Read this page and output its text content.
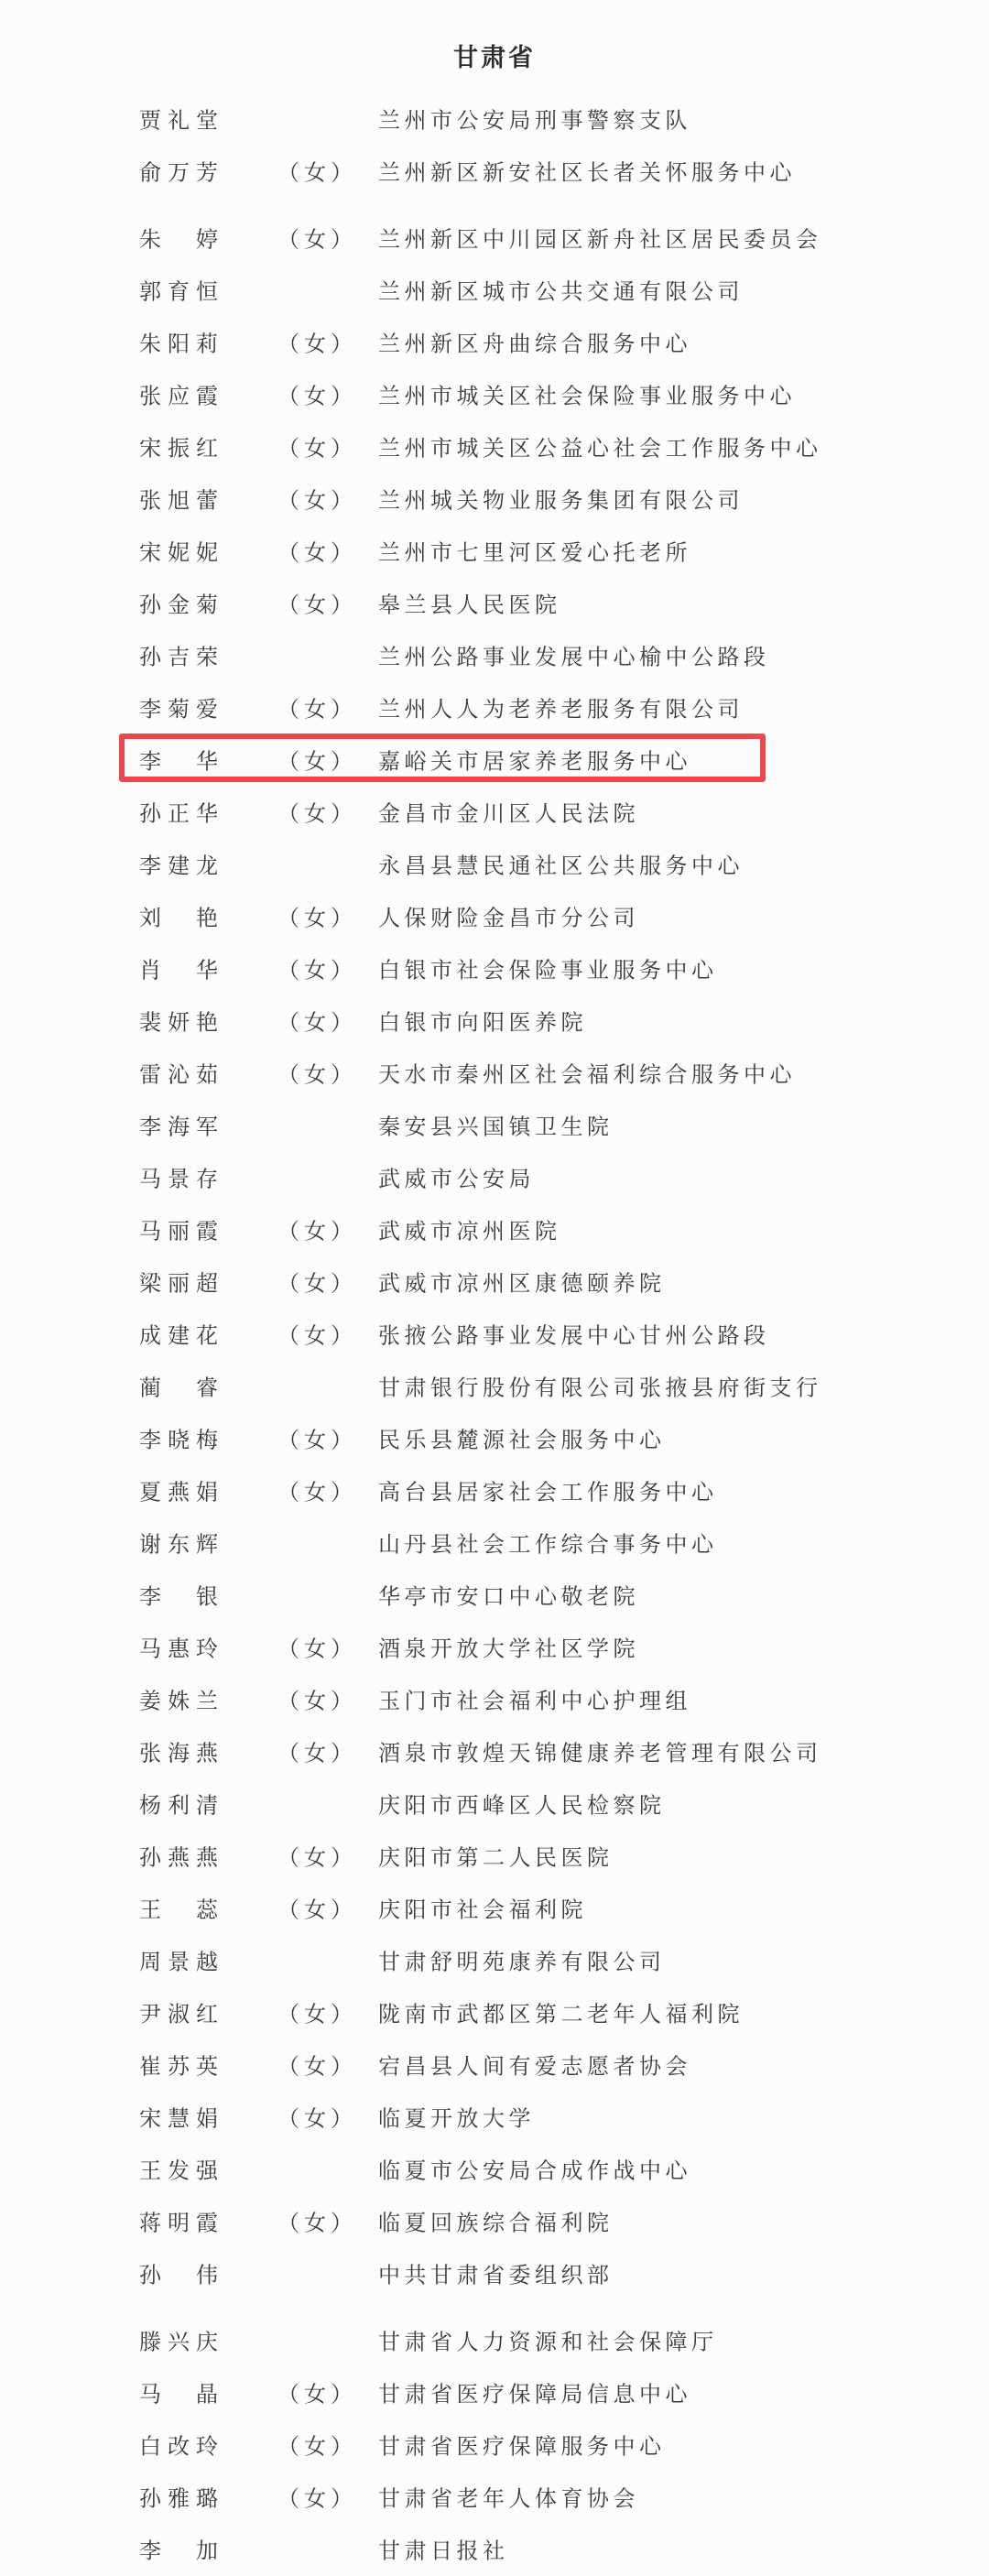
甘肃省
贾礼堂	兰州市公安局刑事警察支队
俞万芳 （女） 兰州新区新安社区长者关怀服务中心
朱　婷 （女） 兰州新区中川园区新舟社区居民委员会
郭育恒	兰州新区城市公共交通有限公司
朱阳莉 （女） 兰州新区舟曲综合服务中心
张应霞 （女） 兰州市城关区社会保险事业服务中心
宋振红 （女） 兰州市城关区公益心社会工作服务中心
张旭蕾 （女） 兰州城关物业服务集团有限公司
宋妮妮 （女） 兰州市七里河区爱心托老所
孙金菊 （女） 皋兰县人民医院
孙吉荣	兰州公路事业发展中心榆中公路段
李菊爱 （女） 兰州人人为老养老服务有限公司
李　华 （女） 嘉峪关市居家养老服务中心
孙正华 （女） 金昌市金川区人民法院
李建龙	永昌县慧民通社区公共服务中心
刘　艳 （女） 人保财险金昌市分公司
肖　华 （女） 白银市社会保险事业服务中心
裴妍艳 （女） 白银市向阳医养院
雷沁茹 （女） 天水市秦州区社会福利综合服务中心
李海军	秦安县兴国镇卫生院
马景存	武威市公安局
马丽霞 （女） 武威市凉州医院
梁丽超 （女） 武威市凉州区康德颐养院
成建花 （女） 张掖公路事业发展中心甘州公路段
蔺　睿	甘肃银行股份有限公司张掖县府街支行
李晓梅 （女） 民乐县麓源社会服务中心
夏燕娟 （女） 高台县居家社会工作服务中心
谢东辉	山丹县社会工作综合事务中心
李　银	华亭市安口中心敬老院
马惠玲 （女） 酒泉开放大学社区学院
姜姝兰 （女） 玉门市社会福利中心护理组
张海燕 （女） 酒泉市敦煌天锦健康养老管理有限公司
杨利清	庆阳市西峰区人民检察院
孙燕燕 （女） 庆阳市第二人民医院
王　蕊 （女） 庆阳市社会福利院
周景越	甘肃舒明苑康养有限公司
尹淑红 （女） 陇南市武都区第二老年人福利院
崔苏英 （女） 宕昌县人间有爱志愿者协会
宋慧娟 （女） 临夏开放大学
王发强	临夏市公安局合成作战中心
蒋明霞 （女） 临夏回族综合福利院
孙　伟	中共甘肃省委组织部
滕兴庆	甘肃省人力资源和社会保障厅
马　晶 （女） 甘肃省医疗保障局信息中心
白改玲 （女） 甘肃省医疗保障服务中心
孙雅璐 （女） 甘肃省老年人体育协会
李　加	甘肃日报社
